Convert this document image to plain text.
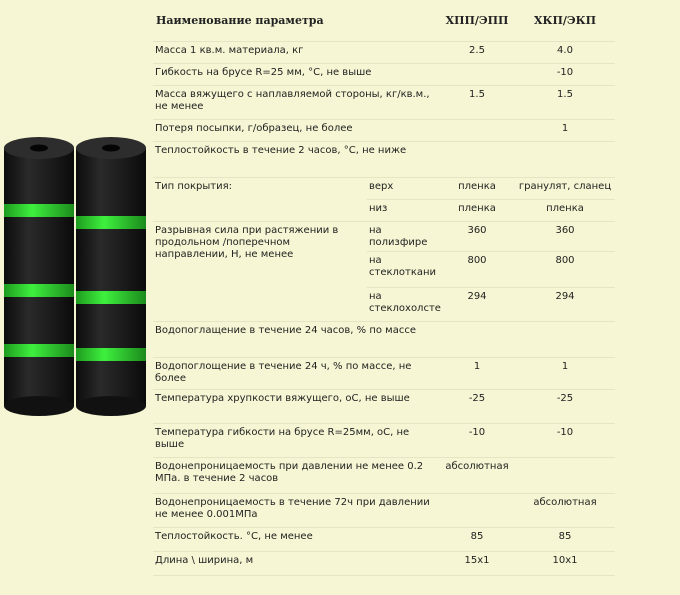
Наименование параметра		ХПП/ЭПП	ХКП/ЭКП
Масса 1 кв.м. материала, кг		2.5	4.0
Гибкость на брусе R=25 мм, °С, не выше			-10
Масса вяжущего с наплавляемой стороны, кг/кв.м., не менее		1.5	1.5
Потеря посыпки, г/образец, не более			1
Теплостойкость в течение 2 часов, °С, не ниже			
Тип покрытия:	верх	пленка	гранулят, сланец
	низ	пленка	пленка
Разрывная сила при растяжении в продольном /поперечном направлении, Н, не менее	на полизфире	360	360
	на стеклоткани	800	800
	на стеклохолсте	294	294
Водопоглащение в течение 24 часов, % по массе			
Водопоглощение в течение 24 ч, % по массе, не более		1	1
Температура хрупкости вяжущего, оС, не выше		-25	-25
Температура гибкости на брусе R=25мм, оС, не выше		-10	-10
Водонепроницаемость при давлении не менее 0.2 МПа. в течение 2 часов		абсолютная	
Водонепроницаемость в течение 72ч при давлении не менее 0.001МПа			абсолютная
Теплостойкость. °С, не менее		85	85
Длина \ ширина, м		15x1	10x1
